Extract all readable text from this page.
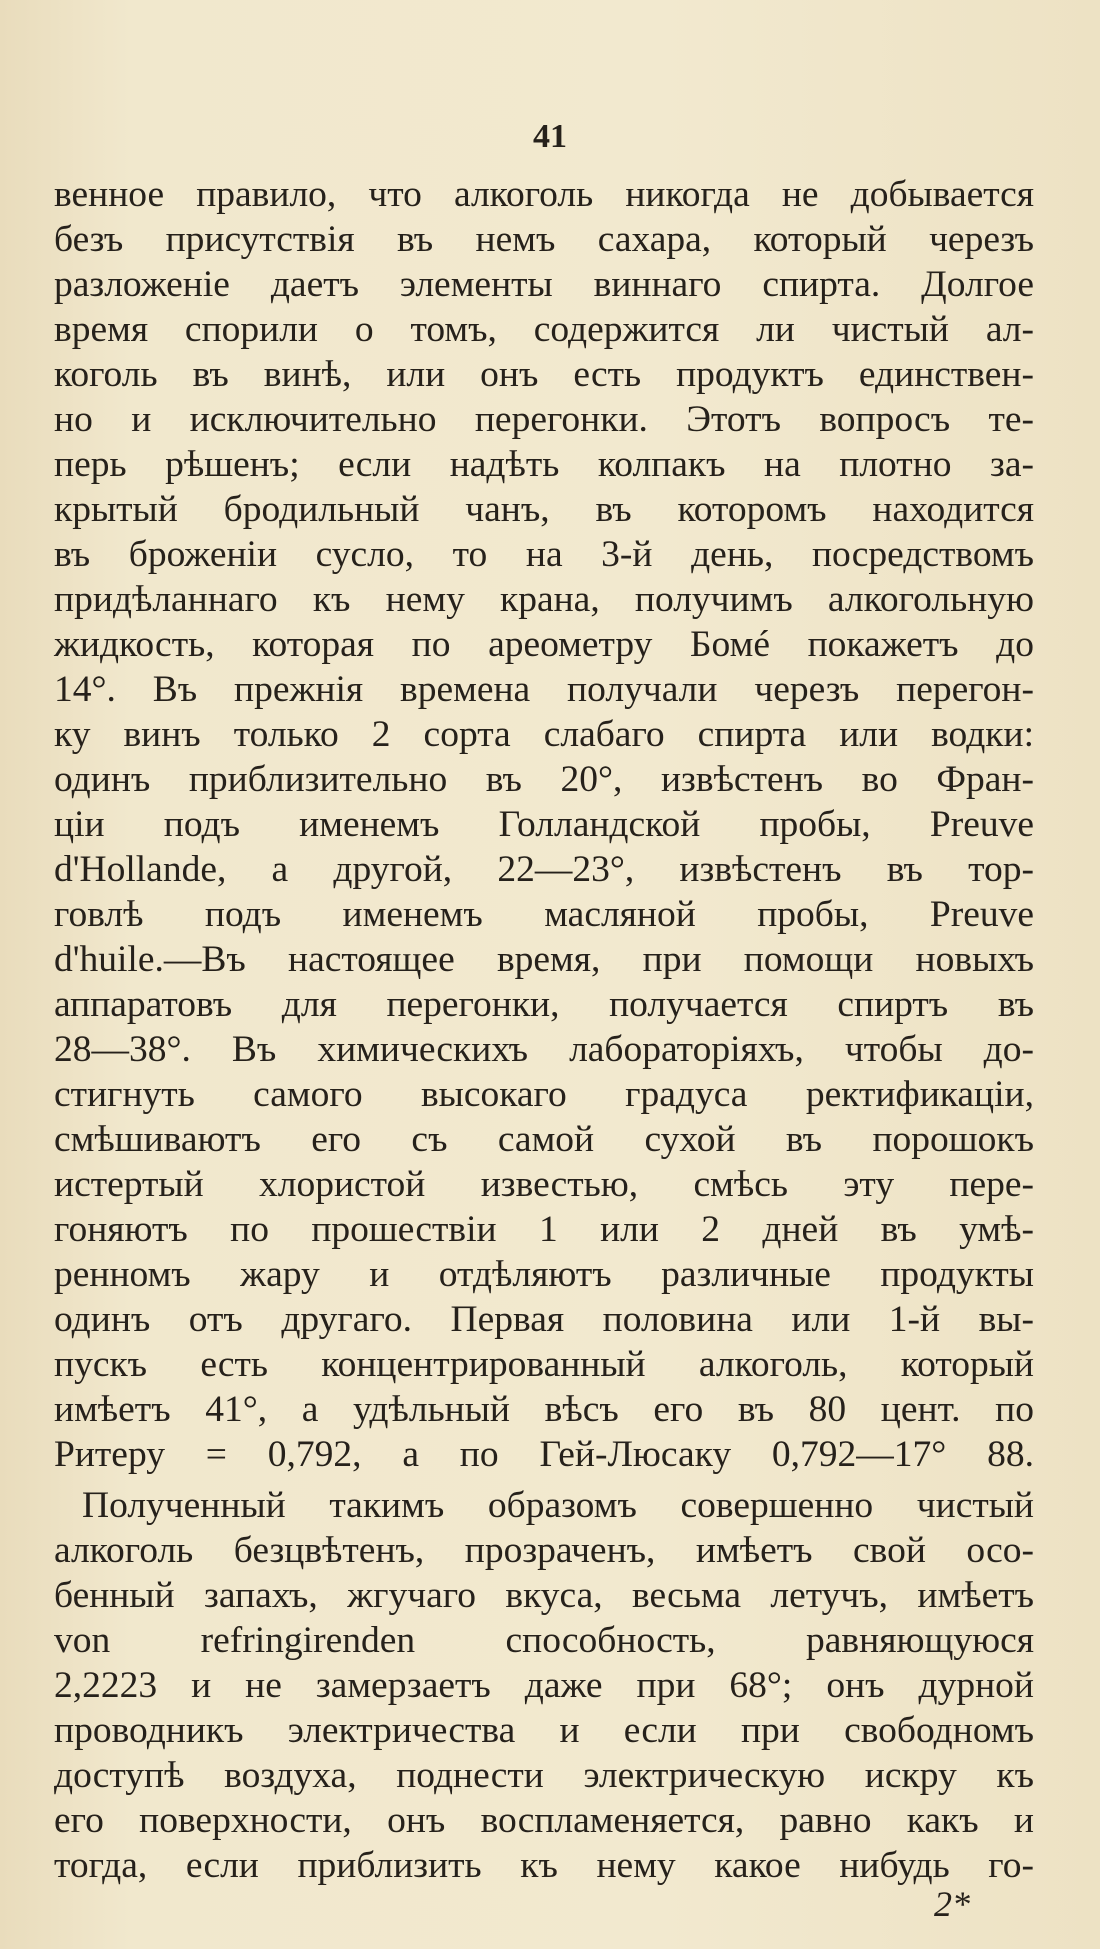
41
венное правило, что алкоголь никогда не добывается
безъ присутствія въ немъ сахара, который черезъ
разложеніе даетъ элементы виннаго спирта. Долгое
время спорили о томъ, содержится ли чистый ал-
коголь въ винѣ, или онъ есть продуктъ единствен-
но и исключительно перегонки. Этотъ вопросъ те-
перь рѣшенъ; если надѣть колпакъ на плотно за-
крытый бродильный чанъ, въ которомъ находится
въ броженіи сусло, то на 3-й день, посредствомъ
придѣланнаго къ нему крана, получимъ алкогольную
жидкость, которая по ареометру Бомé покажетъ до
14°. Въ прежнія времена получали черезъ перегон-
ку винъ только 2 сорта слабаго спирта или водки:
одинъ приблизительно въ 20°, извѣстенъ во Фран-
ціи подъ именемъ Голландской пробы, Preuve
d'Hollande, а другой, 22—23°, извѣстенъ въ тор-
говлѣ подъ именемъ масляной пробы, Preuve
d'huile.—Въ настоящее время, при помощи новыхъ
аппаратовъ для перегонки, получается спиртъ въ
28—38°. Въ химическихъ лабораторіяхъ, чтобы до-
стигнуть самого высокаго градуса ректификаціи,
смѣшиваютъ его съ самой сухой въ порошокъ
истертый хлористой известью, смѣсь эту пере-
гоняютъ по прошествіи 1 или 2 дней въ умѣ-
ренномъ жару и отдѣляютъ различные продукты
одинъ отъ другаго. Первая половина или 1-й вы-
пускъ есть концентрированный алкоголь, который
имѣетъ 41°, а удѣльный вѣсъ его въ 80 цент. по
Ритеру = 0,792, а по Гей-Люсаку 0,792—17° 88.
Полученный такимъ образомъ совершенно чистый
алкоголь безцвѣтенъ, прозраченъ, имѣетъ свой осо-
бенный запахъ, жгучаго вкуса, весьма летучъ, имѣетъ
von refringirenden способность, равняющуюся
2,2223 и не замерзаетъ даже при 68°; онъ дурной
проводникъ электричества и если при свободномъ
доступѣ воздуха, поднести электрическую искру къ
его поверхности, онъ воспламеняется, равно какъ и
тогда, если приблизить къ нему какое нибудь го-
2*
